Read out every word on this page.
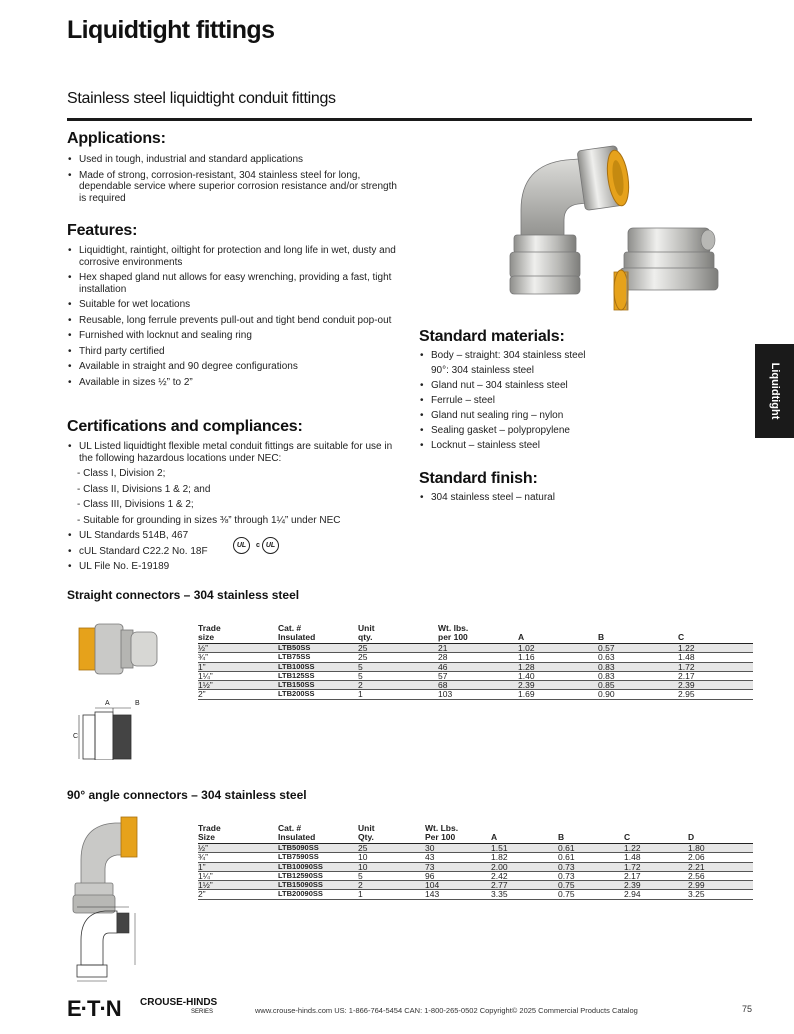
Liquidtight fittings
Stainless steel liquidtight conduit fittings
Applications:
• Used in tough, industrial and standard applications
• Made of strong, corrosion-resistant, 304 stainless steel for long, dependable service where superior corrosion resistance and/or strength is required
Features:
• Liquidtight, raintight, oiltight for protection and long life in wet, dusty and corrosive environments
• Hex shaped gland nut allows for easy wrenching, providing a fast, tight installation
• Suitable for wet locations
• Reusable, long ferrule prevents pull-out and tight bend conduit pop-out
• Furnished with locknut and sealing ring
• Third party certified
• Available in straight and 90 degree configurations
• Available in sizes ½” to 2”
Certifications and compliances:
• UL Listed liquidtight flexible metal conduit fittings are suitable for use in the following hazardous locations under NEC:
- Class I, Division 2;
- Class II, Divisions 1 & 2; and
- Class III, Divisions 1 & 2;
- Suitable for grounding in sizes ⅜” through 1¼” under NEC
• UL Standards 514B, 467
• cUL Standard C22.2 No. 18F
• UL File No. E-19189
UL	c UL
Standard materials:
• Body – straight: 304 stainless steel
90°: 304 stainless steel
• Gland nut – 304 stainless steel
• Ferrule – steel
• Gland nut sealing ring – nylon
• Sealing gasket – polypropylene
• Locknut – stainless steel
Standard finish:
• 304 stainless steel – natural
Liquidtight
Straight connectors – 304 stainless steel
A	B
C
Trade
size	Cat. #
Insulated	Unit
qty.	Wt. lbs.
per 100	A	B	C
½”	LTB50SS	25	21	1.02	0.57	1.22
¾”	LTB75SS	25	28	1.16	0.63	1.48
1”	LTB100SS	5	46	1.28	0.83	1.72
1¼”	LTB125SS	5	57	1.40	0.83	2.17
1½”	LTB150SS	2	68	2.39	0.85	2.39
2”	LTB200SS	1	103	1.69	0.90	2.95
90° angle connectors – 304 stainless steel
Trade
Size	Cat. #
Insulated	Unit
Qty.	Wt. Lbs.
Per 100	A	B	C	D
½”	LTB5090SS	25	30	1.51	0.61	1.22	1.80
¾”	LTB7590SS	10	43	1.82	0.61	1.48	2.06
1”	LTB10090SS	10	73	2.00	0.73	1.72	2.21
1¼”	LTB12590SS	5	96	2.42	0.73	2.17	2.56
1½”	LTB15090SS	2	104	2.77	0.75	2.39	2.99
2”	LTB20090SS	1	143	3.35	0.75	2.94	3.25
E·T·N CROUSE-HINDS
SERIES	www.crouse-hinds.com US: 1-866-764-5454 CAN: 1-800-265-0502 Copyright© 2025 Commercial Products Catalog	75
